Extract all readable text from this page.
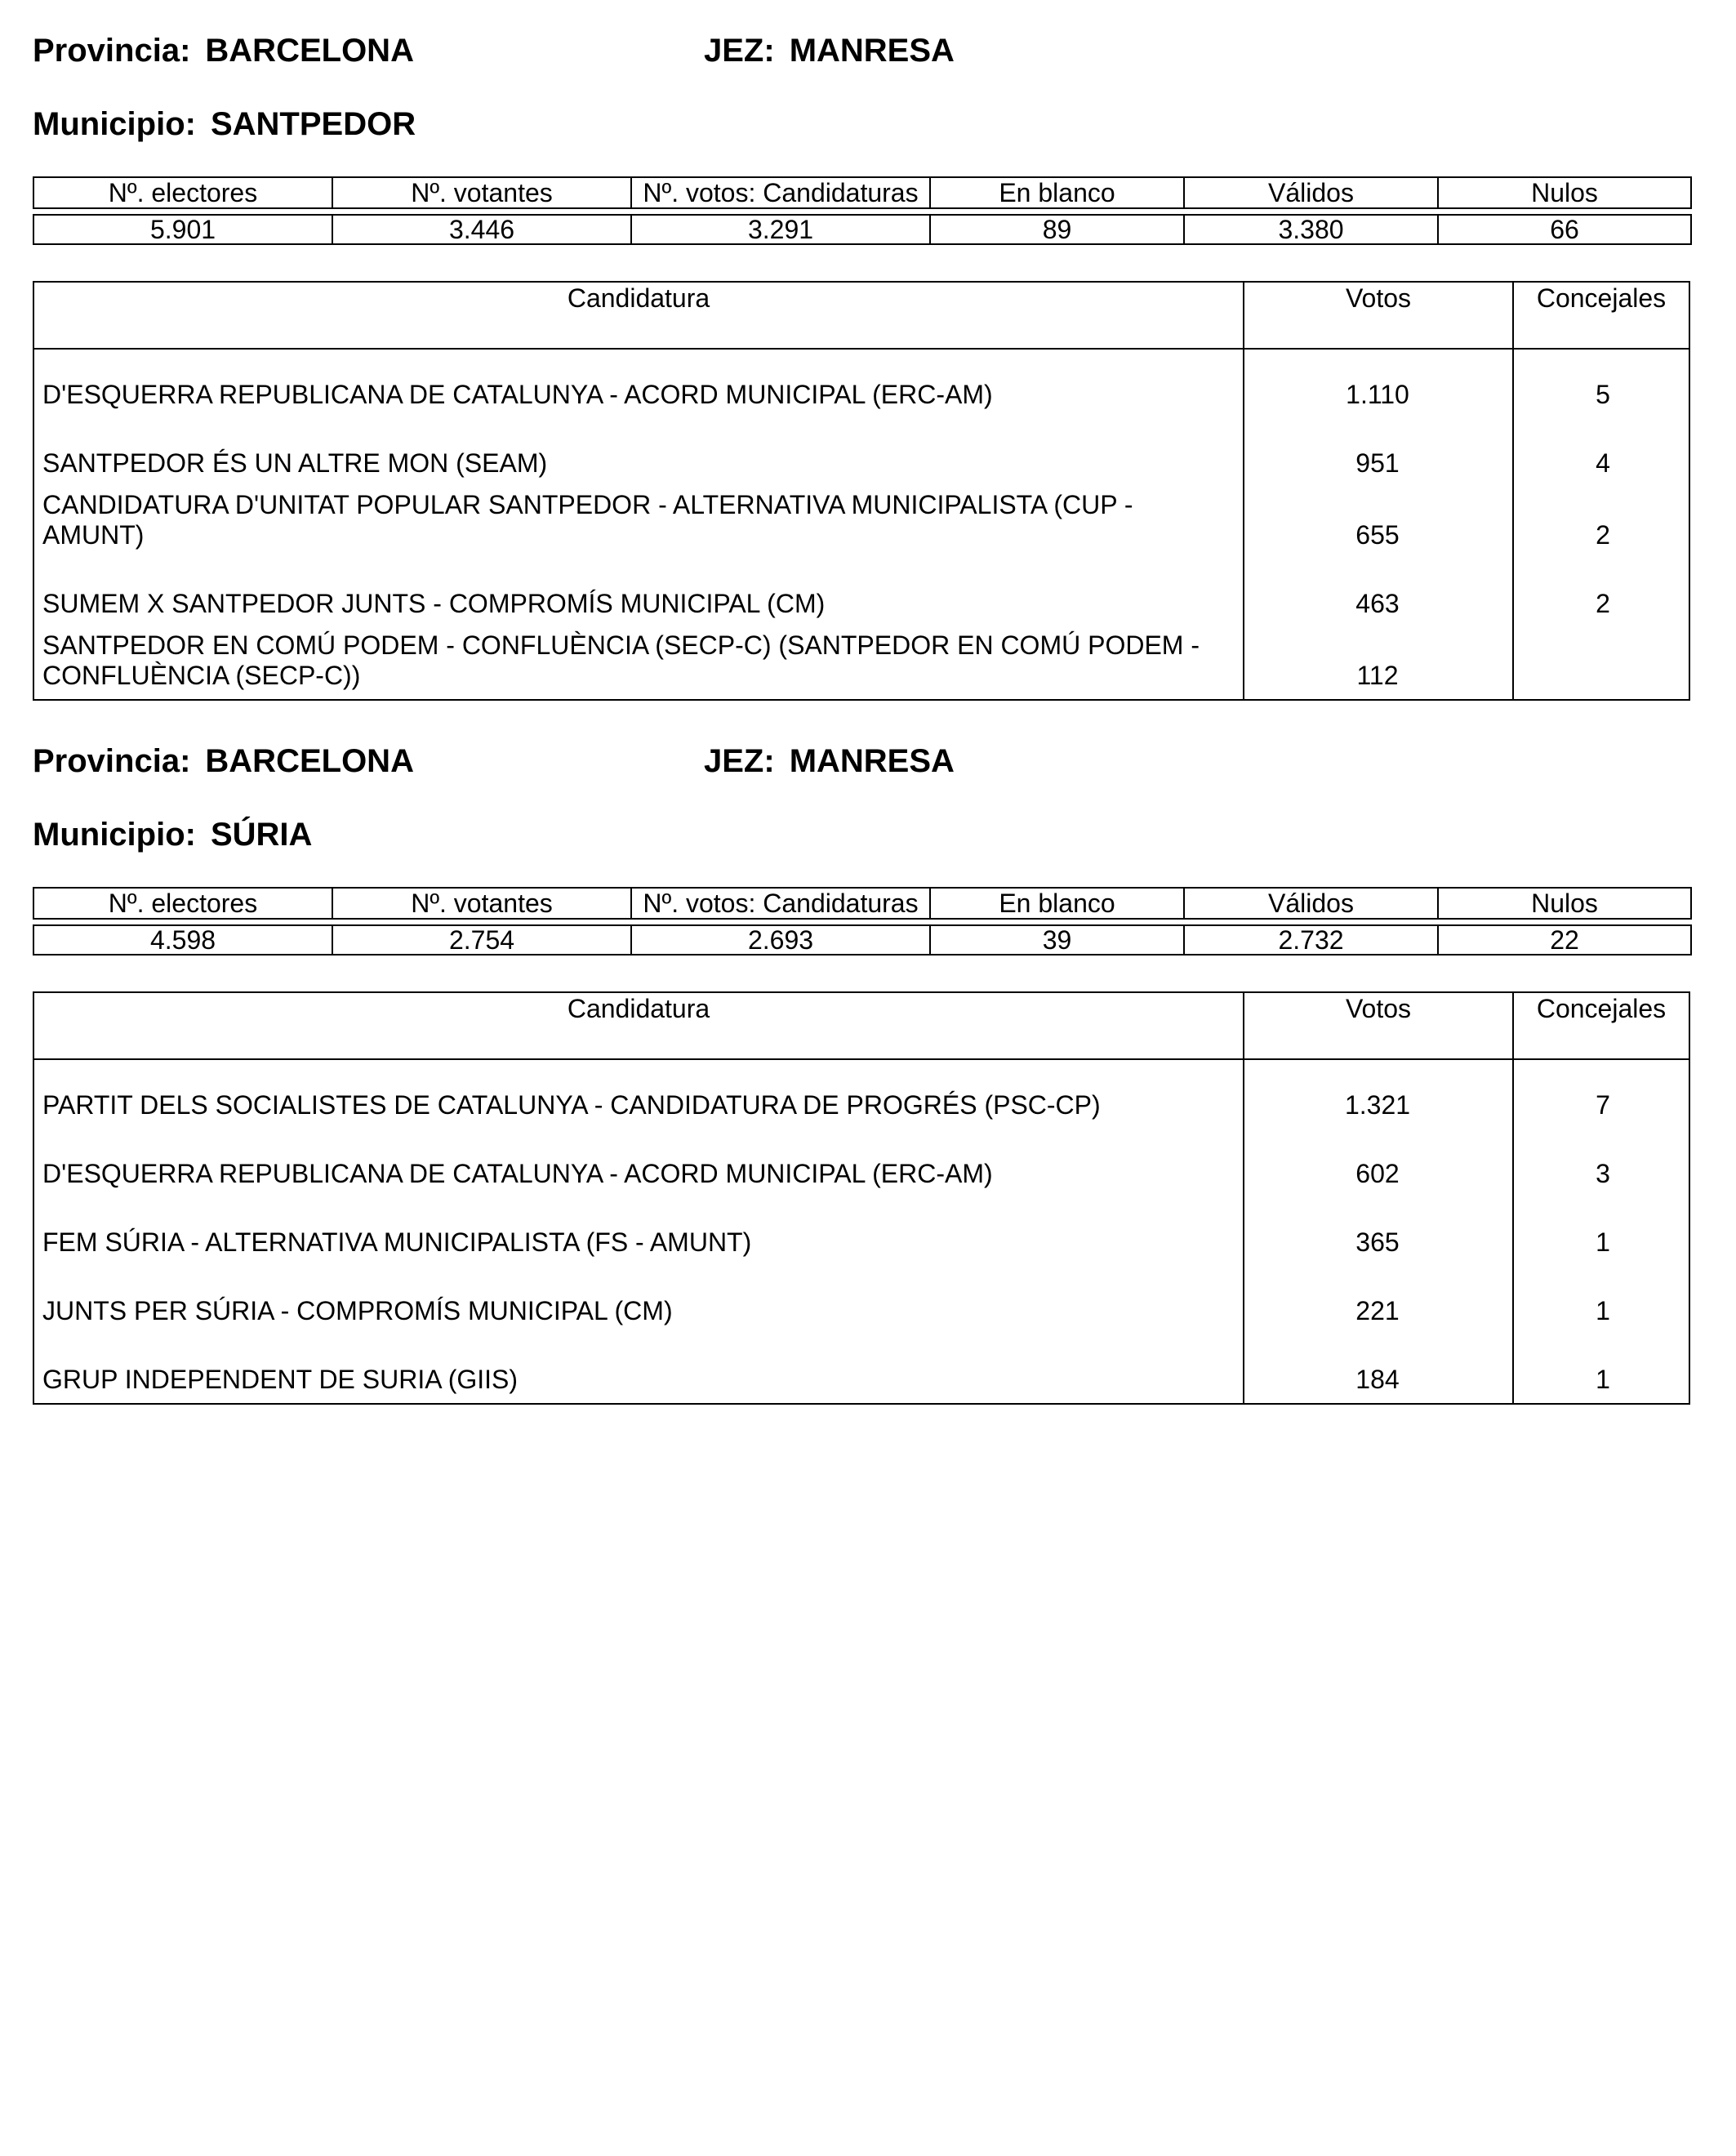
Provincia: BARCELONA	JEZ: MANRESA
Municipio: SANTPEDOR
Nº. electores	Nº. votantes	Nº. votos: Candidaturas	En blanco	Válidos	Nulos

5.901	3.446	3.291	89	3.380	66
Candidatura	Votos	Concejales
D'ESQUERRA REPUBLICANA DE CATALUNYA - ACORD MUNICIPAL (ERC-AM)	1.110	5
SANTPEDOR ÉS UN ALTRE MON (SEAM)	951	4
CANDIDATURA D'UNITAT POPULAR SANTPEDOR - ALTERNATIVA MUNICIPALISTA (CUP - AMUNT)	655	2
SUMEM X SANTPEDOR JUNTS - COMPROMÍS MUNICIPAL (CM)	463	2
SANTPEDOR EN COMÚ PODEM - CONFLUÈNCIA (SECP-C) (SANTPEDOR EN COMÚ PODEM - CONFLUÈNCIA (SECP-C))	112
Provincia: BARCELONA	JEZ: MANRESA
Municipio: SÚRIA
Nº. electores	Nº. votantes	Nº. votos: Candidaturas	En blanco	Válidos	Nulos

4.598	2.754	2.693	39	2.732	22
Candidatura	Votos	Concejales
PARTIT DELS SOCIALISTES DE CATALUNYA - CANDIDATURA DE PROGRÉS (PSC-CP)	1.321	7
D'ESQUERRA REPUBLICANA DE CATALUNYA - ACORD MUNICIPAL (ERC-AM)	602	3
FEM SÚRIA - ALTERNATIVA MUNICIPALISTA (FS - AMUNT)	365	1
JUNTS PER SÚRIA - COMPROMÍS MUNICIPAL (CM)	221	1
GRUP INDEPENDENT DE SURIA (GIIS)	184	1
